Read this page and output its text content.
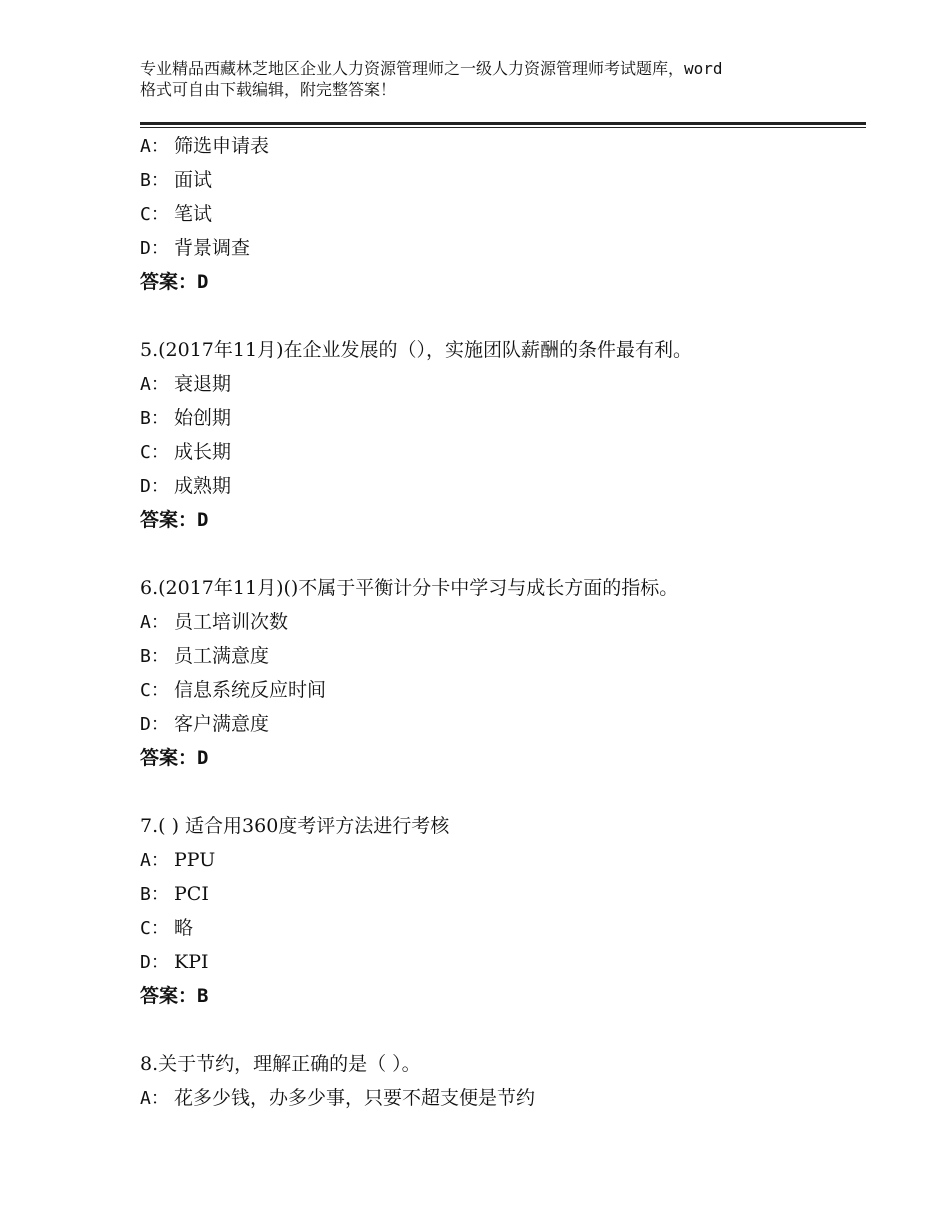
专业精品西藏林芝地区企业人力资源管理师之一级人力资源管理师考试题库，word
格式可自由下载编辑，附完整答案！
A： 筛选申请表
B： 面试
C： 笔试
D： 背景调查
答案：D
5.(2017年11月)在企业发展的（），实施团队薪酬的条件最有利。
A： 衰退期
B： 始创期
C： 成长期
D： 成熟期
答案：D
6.(2017年11月)()不属于平衡计分卡中学习与成长方面的指标。
A： 员工培训次数
B： 员工满意度
C： 信息系统反应时间
D： 客户满意度
答案：D
7.( ) 适合用360度考评方法进行考核
A： PPU
B： PCI
C： 略
D： KPI
答案：B
8.关于节约，理解正确的是（ ）。
A： 花多少钱，办多少事，只要不超支便是节约
